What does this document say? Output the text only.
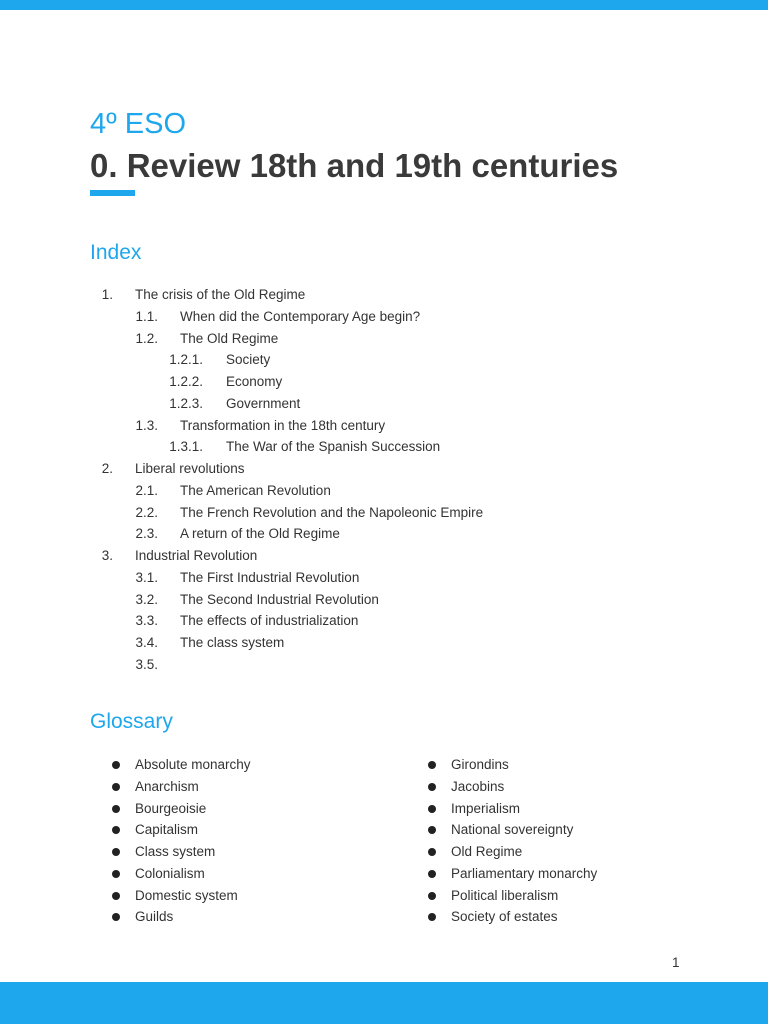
4º ESO
0. Review 18th and 19th centuries
Index
1. The crisis of the Old Regime
1.1. When did the Contemporary Age begin?
1.2. The Old Regime
1.2.1. Society
1.2.2. Economy
1.2.3. Government
1.3. Transformation in the 18th century
1.3.1. The War of the Spanish Succession
2. Liberal revolutions
2.1. The American Revolution
2.2. The French Revolution and the Napoleonic Empire
2.3. A return of the Old Regime
3. Industrial Revolution
3.1. The First Industrial Revolution
3.2. The Second Industrial Revolution
3.3. The effects of industrialization
3.4. The class system
3.5.
Glossary
Absolute monarchy
Anarchism
Bourgeoisie
Capitalism
Class system
Colonialism
Domestic system
Guilds
Girondins
Jacobins
Imperialism
National sovereignty
Old Regime
Parliamentary monarchy
Political liberalism
Society of estates
1
